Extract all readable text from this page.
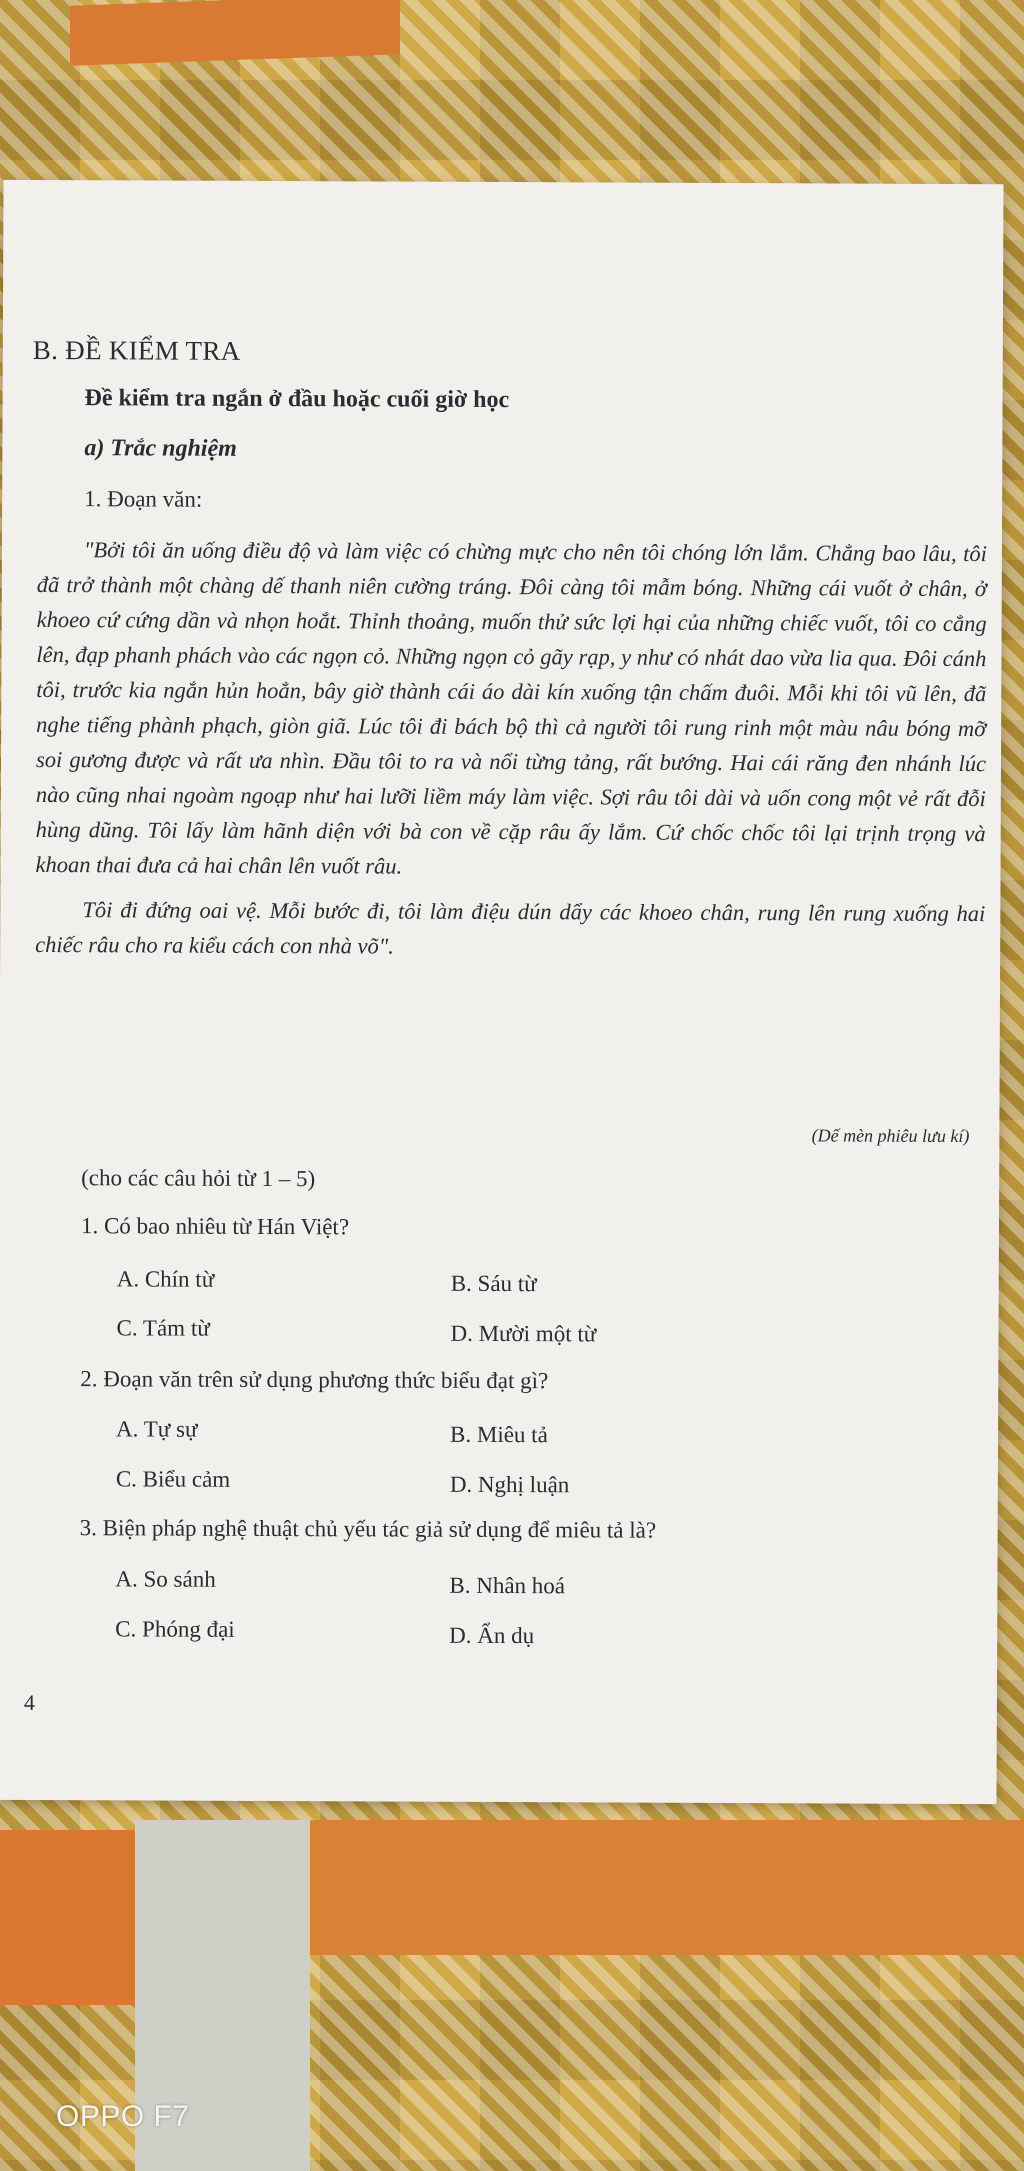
B. ĐỀ KIỂM TRA
Đề kiểm tra ngắn ở đầu hoặc cuối giờ học
a) Trắc nghiệm
1. Đoạn văn:

"Bởi tôi ăn uống điều độ và làm việc có chừng mực cho nên tôi chóng lớn lắm. Chẳng bao lâu, tôi đã trở thành một chàng dế thanh niên cường tráng. Đôi càng tôi mẫm bóng. Những cái vuốt ở chân, ở khoeo cứ cứng dần và nhọn hoắt. Thỉnh thoảng, muốn thử sức lợi hại của những chiếc vuốt, tôi co cẳng lên, đạp phanh phách vào các ngọn cỏ. Những ngọn cỏ gãy rạp, y như có nhát dao vừa lia qua. Đôi cánh tôi, trước kia ngắn hủn hoẳn, bây giờ thành cái áo dài kín xuống tận chấm đuôi. Mỗi khi tôi vũ lên, đã nghe tiếng phành phạch, giòn giã. Lúc tôi đi bách bộ thì cả người tôi rung rinh một màu nâu bóng mỡ soi gương được và rất ưa nhìn. Đầu tôi to ra và nổi từng tảng, rất bướng. Hai cái răng đen nhánh lúc nào cũng nhai ngoàm ngoạp như hai lưỡi liềm máy làm việc. Sợi râu tôi dài và uốn cong một vẻ rất đỗi hùng dũng. Tôi lấy làm hãnh diện với bà con về cặp râu ấy lắm. Cứ chốc chốc tôi lại trịnh trọng và khoan thai đưa cả hai chân lên vuốt râu.

Tôi đi đứng oai vệ. Mỗi bước đi, tôi làm điệu dún dẩy các khoeo chân, rung lên rung xuống hai chiếc râu cho ra kiểu cách con nhà võ".

(Dế mèn phiêu lưu kí)
(cho các câu hỏi từ 1 – 5)
1. Có bao nhiêu từ Hán Việt?
A. Chín từ	B. Sáu từ
C. Tám từ	D. Mười một từ
2. Đoạn văn trên sử dụng phương thức biểu đạt gì?
A. Tự sự	B. Miêu tả
C. Biểu cảm	D. Nghị luận
3. Biện pháp nghệ thuật chủ yếu tác giả sử dụng để miêu tả là?
A. So sánh	B. Nhân hoá
C. Phóng đại	D. Ẩn dụ
4
OPPO F7
